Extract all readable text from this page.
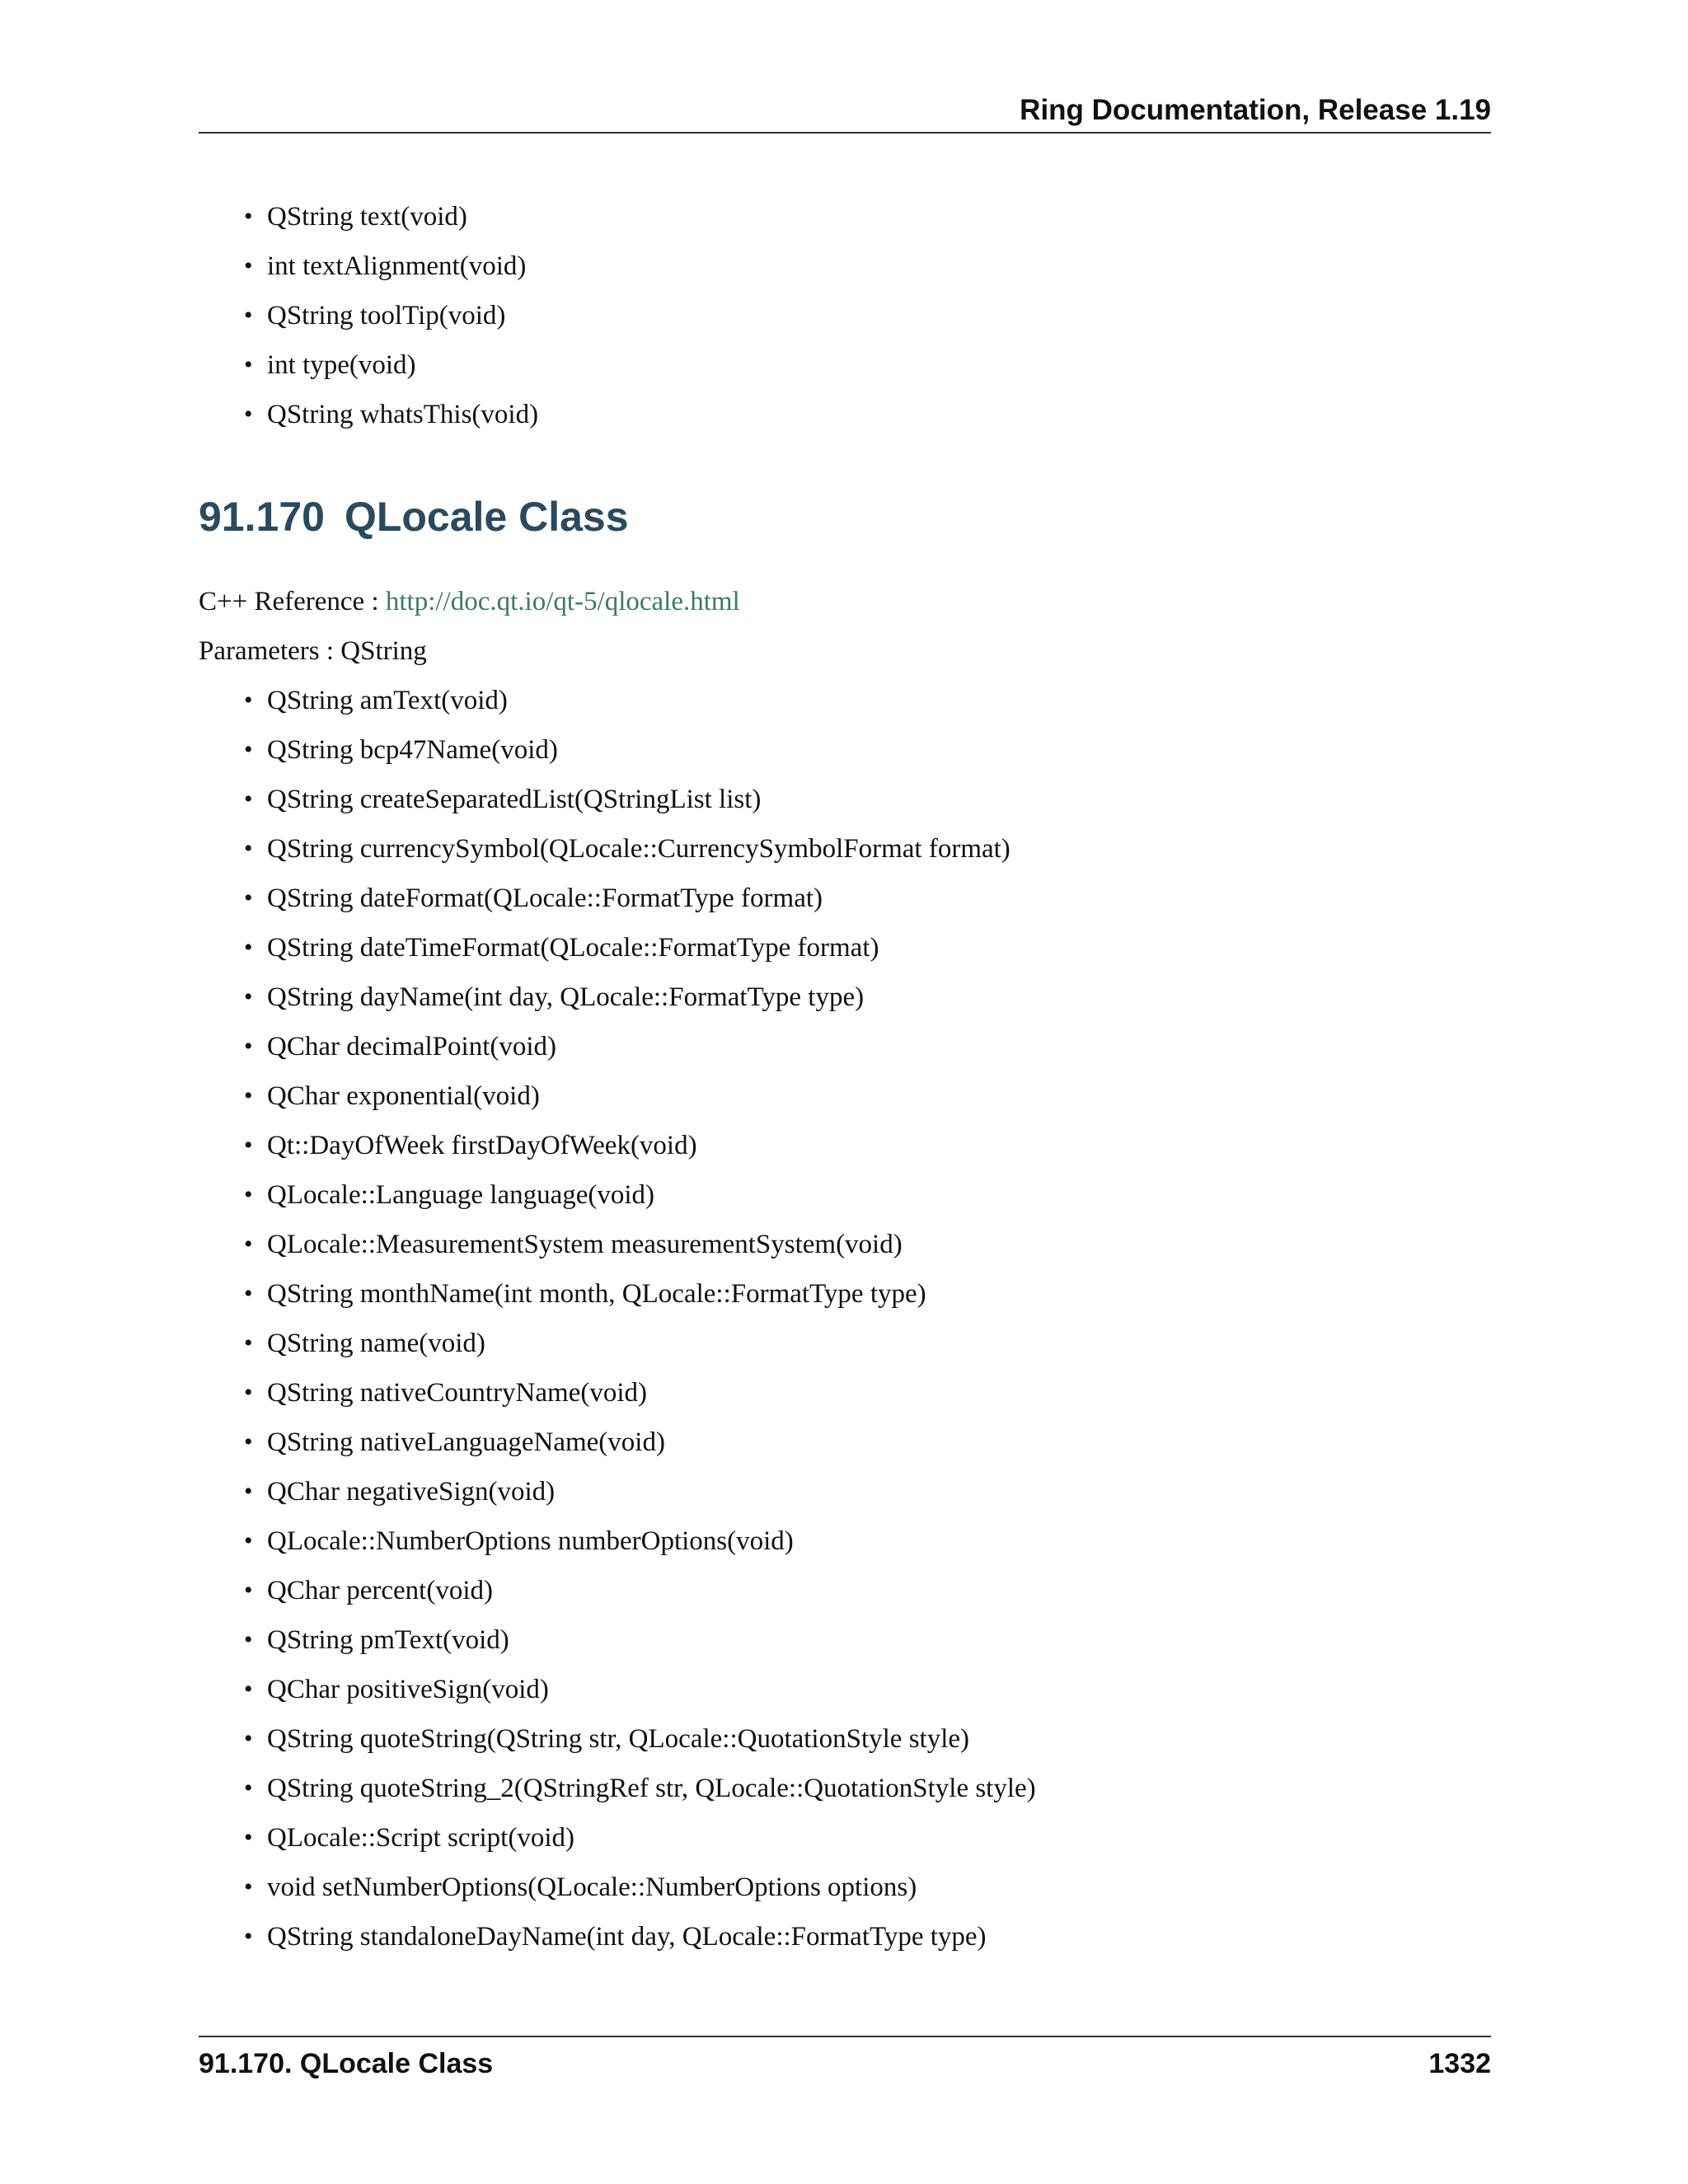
Ring Documentation, Release 1.19
• QString text(void)
• int textAlignment(void)
• QString toolTip(void)
• int type(void)
• QString whatsThis(void)
91.170 QLocale Class
C++ Reference : http://doc.qt.io/qt-5/qlocale.html
Parameters : QString
• QString amText(void)
• QString bcp47Name(void)
• QString createSeparatedList(QStringList list)
• QString currencySymbol(QLocale::CurrencySymbolFormat format)
• QString dateFormat(QLocale::FormatType format)
• QString dateTimeFormat(QLocale::FormatType format)
• QString dayName(int day, QLocale::FormatType type)
• QChar decimalPoint(void)
• QChar exponential(void)
• Qt::DayOfWeek firstDayOfWeek(void)
• QLocale::Language language(void)
• QLocale::MeasurementSystem measurementSystem(void)
• QString monthName(int month, QLocale::FormatType type)
• QString name(void)
• QString nativeCountryName(void)
• QString nativeLanguageName(void)
• QChar negativeSign(void)
• QLocale::NumberOptions numberOptions(void)
• QChar percent(void)
• QString pmText(void)
• QChar positiveSign(void)
• QString quoteString(QString str, QLocale::QuotationStyle style)
• QString quoteString_2(QStringRef str, QLocale::QuotationStyle style)
• QLocale::Script script(void)
• void setNumberOptions(QLocale::NumberOptions options)
• QString standaloneDayName(int day, QLocale::FormatType type)
91.170. QLocale Class	1332
